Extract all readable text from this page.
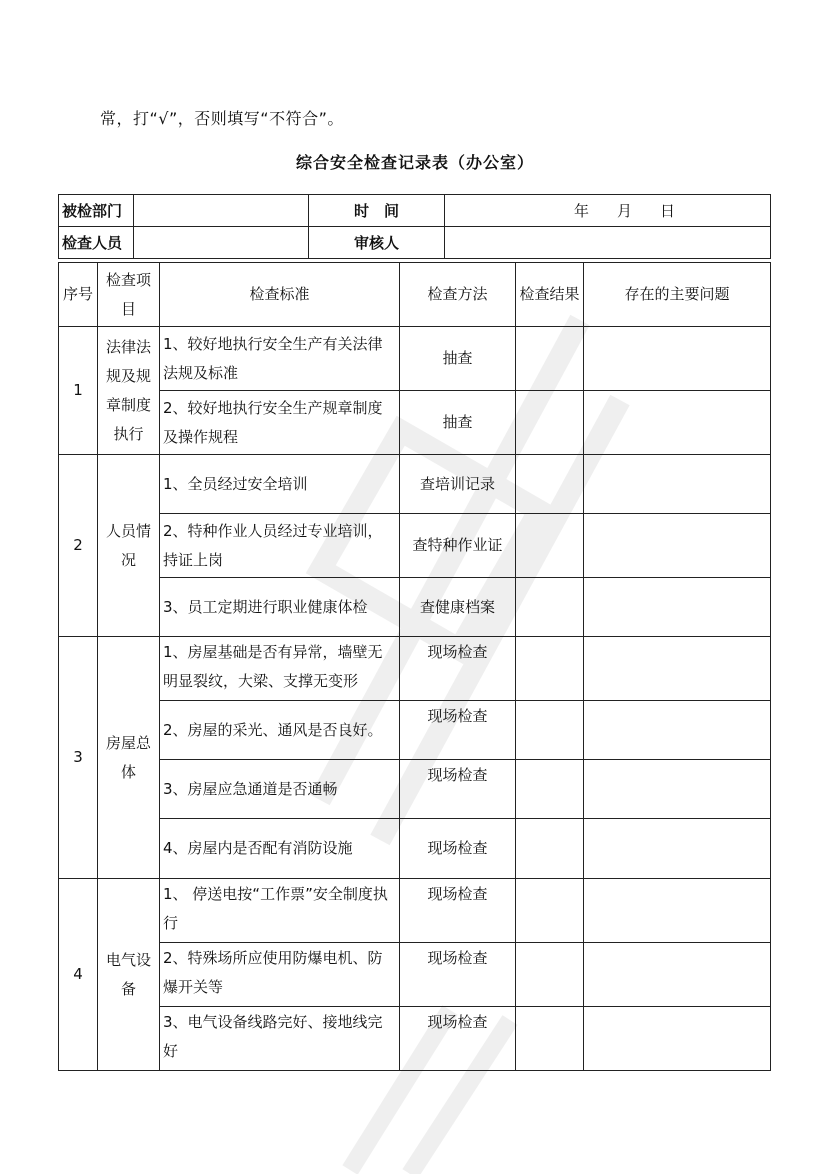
常，打“√”，否则填写“不符合”。
综合安全检查记录表（办公室）
被检部门		时　间	年 月 日
检查人员		审核人	
序号	检查项目	检查标准	检查方法	检查结果	存在的主要问题
1	法律法规及规章制度执行	1、较好地执行安全生产有关法律法规及标准	抽查		
		2、较好地执行安全生产规章制度及操作规程	抽查		
2	人员情况	1、全员经过安全培训	查培训记录		
		2、特种作业人员经过专业培训，持证上岗	查特种作业证		
		3、员工定期进行职业健康体检	查健康档案		
3	房屋总体	1、房屋基础是否有异常，墙壁无明显裂纹，大梁、支撑无变形	现场检查		
		2、房屋的采光、通风是否良好。	现场检查		
		3、房屋应急通道是否通畅	现场检查		
		4、房屋内是否配有消防设施	现场检查		
4	电气设备	1、 停送电按“工作票”安全制度执行	现场检查		
		2、特殊场所应使用防爆电机、防爆开关等	现场检查		
		3、电气设备线路完好、接地线完好	现场检查		
